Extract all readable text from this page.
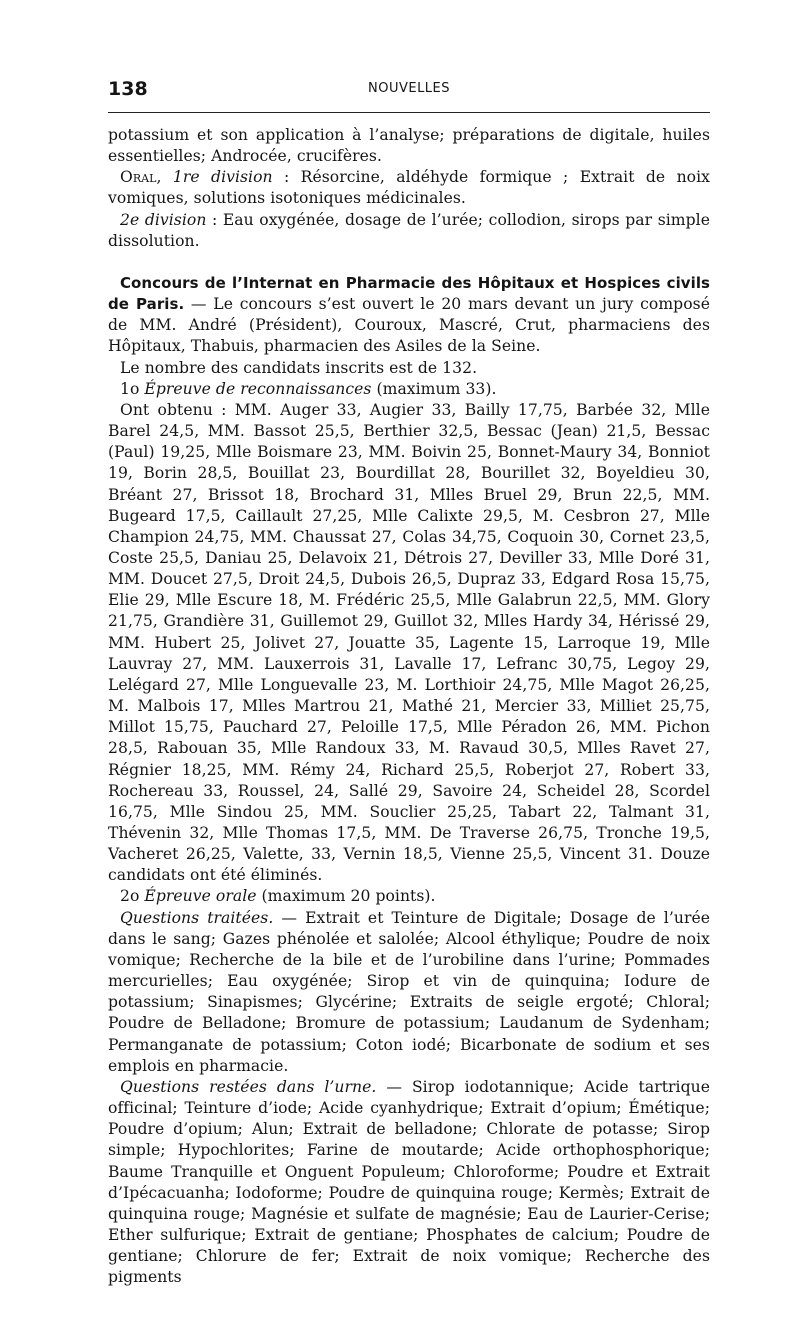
138	NOUVELLES

potassium et son application à l’analyse; préparations de digitale, huiles essentielles; Androcée, crucifères.

Oral, 1re division : Résorcine, aldéhyde formique ; Extrait de noix vomiques, solutions isotoniques médicinales.

2e division : Eau oxygénée, dosage de l’urée; collodion, sirops par simple dissolution.

Concours de l’Internat en Pharmacie des Hôpitaux et Hospices civils de Paris. — Le concours s’est ouvert le 20 mars devant un jury composé de MM. André (Président), Couroux, Mascré, Crut, pharmaciens des Hôpitaux, Thabuis, pharmacien des Asiles de la Seine.

Le nombre des candidats inscrits est de 132.

1o Épreuve de reconnaissances (maximum 33).

Ont obtenu : MM. Auger 33, Augier 33, Bailly 17,75, Barbée 32, Mlle Barel 24,5, MM. Bassot 25,5, Berthier 32,5, Bessac (Jean) 21,5, Bessac (Paul) 19,25, Mlle Boismare 23, MM. Boivin 25, Bonnet-Maury 34, Bonniot 19, Borin 28,5, Bouillat 23, Bourdillat 28, Bourillet 32, Boyeldieu 30, Bréant 27, Brissot 18, Brochard 31, Mlles Bruel 29, Brun 22,5, MM. Bugeard 17,5, Caillault 27,25, Mlle Calixte 29,5, M. Cesbron 27, Mlle Champion 24,75, MM. Chaussat 27, Colas 34,75, Coquoin 30, Cornet 23,5, Coste 25,5, Daniau 25, Delavoix 21, Détrois 27, Deviller 33, Mlle Doré 31, MM. Doucet 27,5, Droit 24,5, Dubois 26,5, Dupraz 33, Edgard Rosa 15,75, Elie 29, Mlle Escure 18, M. Frédéric 25,5, Mlle Galabrun 22,5, MM. Glory 21,75, Grandière 31, Guillemot 29, Guillot 32, Mlles Hardy 34, Hérissé 29, MM. Hubert 25, Jolivet 27, Jouatte 35, Lagente 15, Larroque 19, Mlle Lauvray 27, MM. Lauxerrois 31, Lavalle 17, Lefranc 30,75, Legoy 29, Lelégard 27, Mlle Longuevalle 23, M. Lorthioir 24,75, Mlle Magot 26,25, M. Malbois 17, Mlles Martrou 21, Mathé 21, Mercier 33, Milliet 25,75, Millot 15,75, Pauchard 27, Peloille 17,5, Mlle Péradon 26, MM. Pichon 28,5, Rabouan 35, Mlle Randoux 33, M. Ravaud 30,5, Mlles Ravet 27, Régnier 18,25, MM. Rémy 24, Richard 25,5, Roberjot 27, Robert 33, Rochereau 33, Roussel, 24, Sallé 29, Savoire 24, Scheidel 28, Scordel 16,75, Mlle Sindou 25, MM. Souclier 25,25, Tabart 22, Talmant 31, Thévenin 32, Mlle Thomas 17,5, MM. De Traverse 26,75, Tronche 19,5, Vacheret 26,25, Valette, 33, Vernin 18,5, Vienne 25,5, Vincent 31. Douze candidats ont été éliminés.

2o Épreuve orale (maximum 20 points).

Questions traitées. — Extrait et Teinture de Digitale; Dosage de l’urée dans le sang; Gazes phénolée et salolée; Alcool éthylique; Poudre de noix vomique; Recherche de la bile et de l’urobiline dans l’urine; Pommades mercurielles; Eau oxygénée; Sirop et vin de quinquina; Iodure de potassium; Sinapismes; Glycérine; Extraits de seigle ergoté; Chloral; Poudre de Belladone; Bromure de potassium; Laudanum de Sydenham; Permanganate de potassium; Coton iodé; Bicarbonate de sodium et ses emplois en pharmacie.

Questions restées dans l’urne. — Sirop iodotannique; Acide tartrique officinal; Teinture d’iode; Acide cyanhydrique; Extrait d’opium; Émétique; Poudre d’opium; Alun; Extrait de belladone; Chlorate de potasse; Sirop simple; Hypochlorites; Farine de moutarde; Acide orthophosphorique; Baume Tranquille et Onguent Populeum; Chloroforme; Poudre et Extrait d’Ipécacuanha; Iodoforme; Poudre de quinquina rouge; Kermès; Extrait de quinquina rouge; Magnésie et sulfate de magnésie; Eau de Laurier-Cerise; Ether sulfurique; Extrait de gentiane; Phosphates de calcium; Poudre de gentiane; Chlorure de fer; Extrait de noix vomique; Recherche des pigments
